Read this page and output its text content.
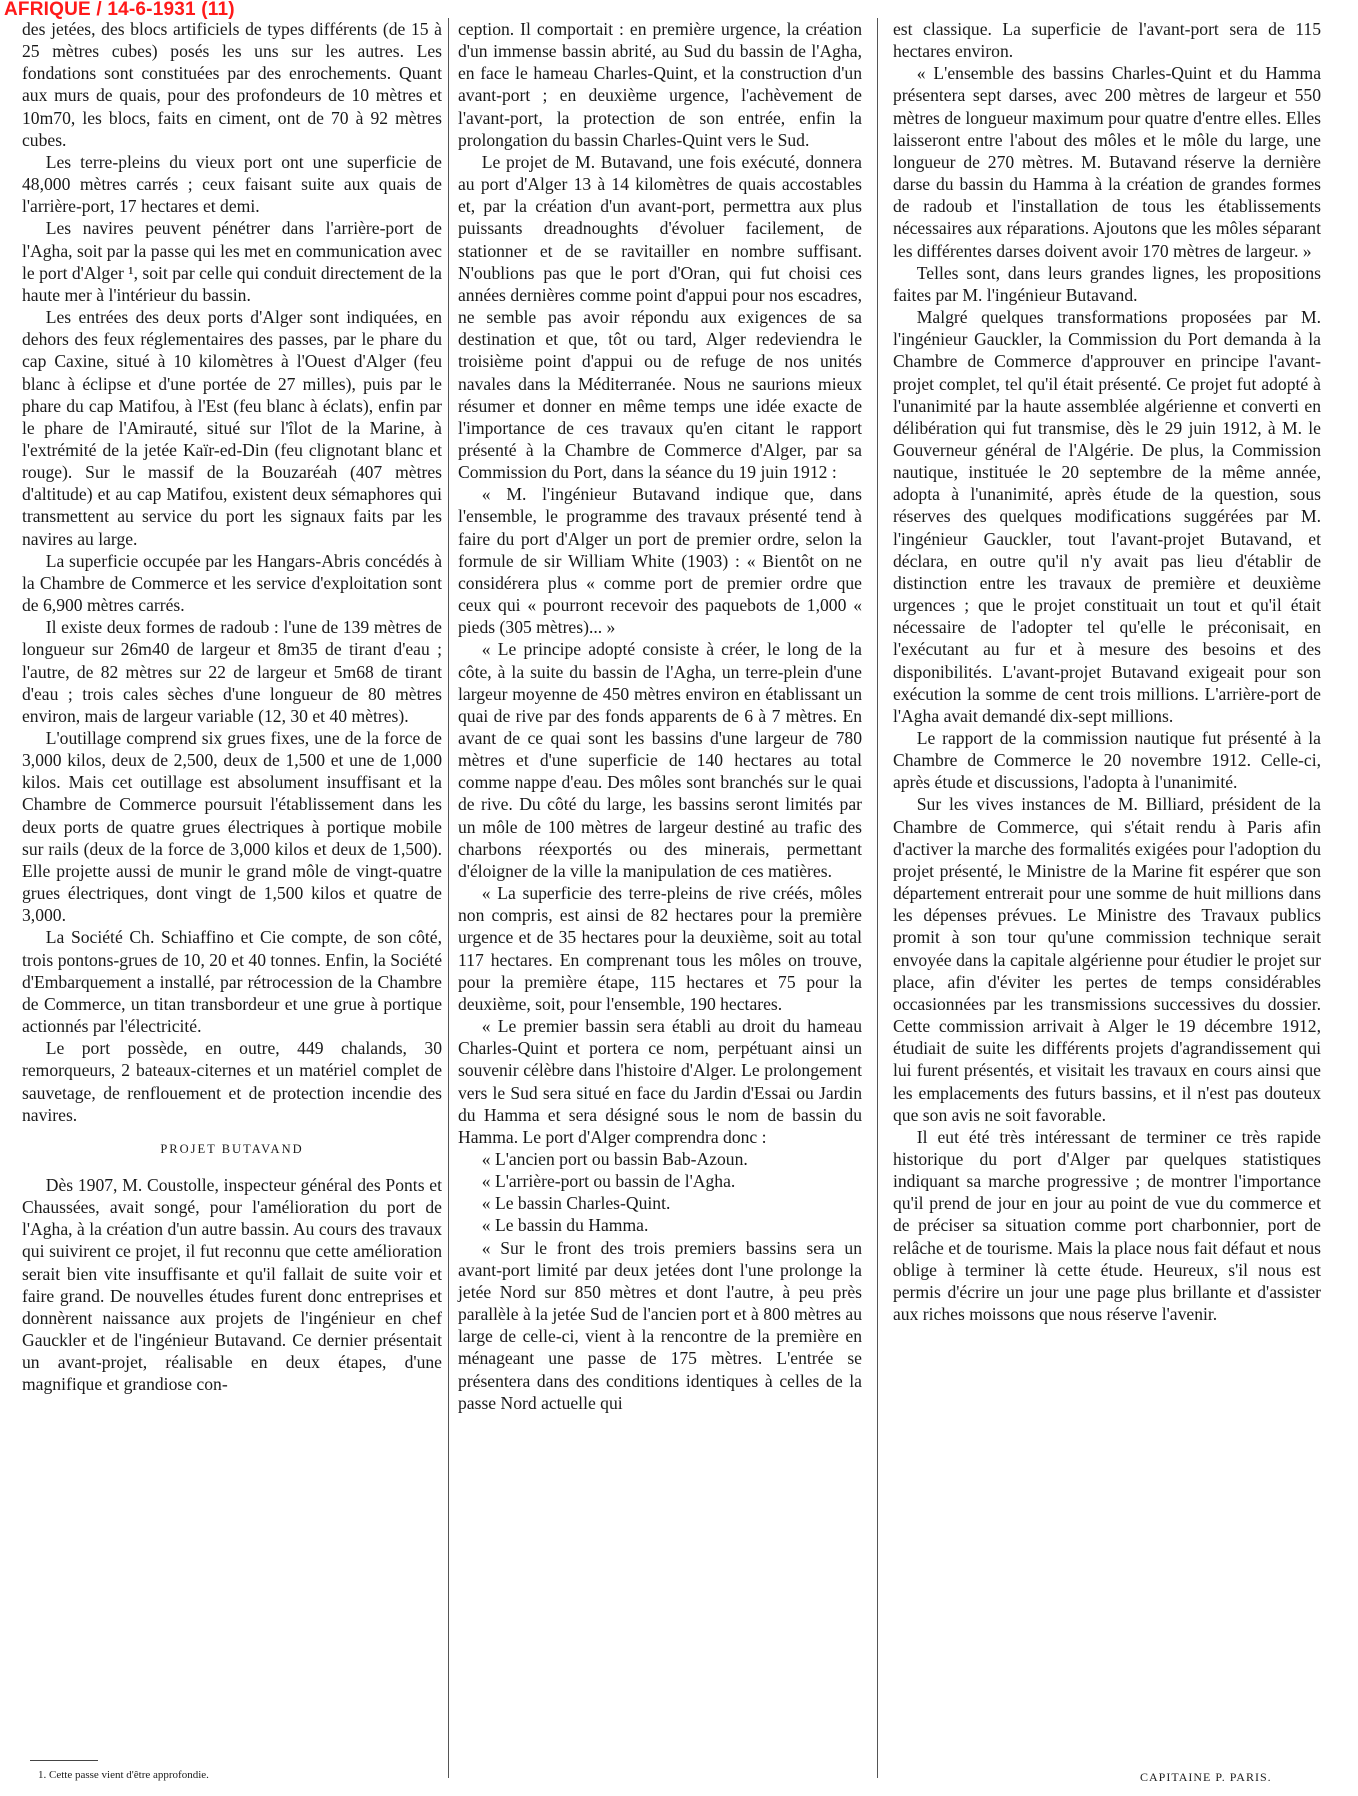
AFRIQUE / 14-6-1931 (11)

des jetées, des blocs artificiels de types différents (de 15 à 25 mètres cubes) posés les uns sur les autres. Les fondations sont constituées par des enrochements. Quant aux murs de quais, pour des profondeurs de 10 mètres et 10m70, les blocs, faits en ciment, ont de 70 à 92 mètres cubes.

Les terre-pleins du vieux port ont une superficie de 48,000 mètres carrés ; ceux faisant suite aux quais de l'arrière-port, 17 hectares et demi.

Les navires peuvent pénétrer dans l'arrière-port de l'Agha, soit par la passe qui les met en communication avec le port d'Alger ¹, soit par celle qui conduit directement de la haute mer à l'intérieur du bassin.

Les entrées des deux ports d'Alger sont indiquées, en dehors des feux réglementaires des passes, par le phare du cap Caxine, situé à 10 kilomètres à l'Ouest d'Alger (feu blanc à éclipse et d'une portée de 27 milles), puis par le phare du cap Matifou, à l'Est (feu blanc à éclats), enfin par le phare de l'Amirauté, situé sur l'îlot de la Marine, à l'extrémité de la jetée Kaïr-ed-Din (feu clignotant blanc et rouge). Sur le massif de la Bouzaréah (407 mètres d'altitude) et au cap Matifou, existent deux sémaphores qui transmettent au service du port les signaux faits par les navires au large.

La superficie occupée par les Hangars-Abris concédés à la Chambre de Commerce et les service d'exploitation sont de 6,900 mètres carrés.

Il existe deux formes de radoub : l'une de 139 mètres de longueur sur 26m40 de largeur et 8m35 de tirant d'eau ; l'autre, de 82 mètres sur 22 de largeur et 5m68 de tirant d'eau ; trois cales sèches d'une longueur de 80 mètres environ, mais de largeur variable (12, 30 et 40 mètres).

L'outillage comprend six grues fixes, une de la force de 3,000 kilos, deux de 2,500, deux de 1,500 et une de 1,000 kilos. Mais cet outillage est absolument insuffisant et la Chambre de Commerce poursuit l'établissement dans les deux ports de quatre grues électriques à portique mobile sur rails (deux de la force de 3,000 kilos et deux de 1,500). Elle projette aussi de munir le grand môle de vingt-quatre grues électriques, dont vingt de 1,500 kilos et quatre de 3,000.

La Société Ch. Schiaffino et Cie compte, de son côté, trois pontons-grues de 10, 20 et 40 tonnes. Enfin, la Société d'Embarquement a installé, par rétrocession de la Chambre de Commerce, un titan transbordeur et une grue à portique actionnés par l'électricité.

Le port possède, en outre, 449 chalands, 30 remorqueurs, 2 bateaux-citernes et un matériel complet de sauvetage, de renflouement et de protection incendie des navires.

PROJET BUTAVAND

Dès 1907, M. Coustolle, inspecteur général des Ponts et Chaussées, avait songé, pour l'amélioration du port de l'Agha, à la création d'un autre bassin. Au cours des travaux qui suivirent ce projet, il fut reconnu que cette amélioration serait bien vite insuffisante et qu'il fallait de suite voir et faire grand. De nouvelles études furent donc entreprises et donnèrent naissance aux projets de l'ingénieur en chef Gauckler et de l'ingénieur Butavand. Ce dernier présentait un avant-projet, réalisable en deux étapes, d'une magnifique et grandiose con-

ception. Il comportait : en première urgence, la création d'un immense bassin abrité, au Sud du bassin de l'Agha, en face le hameau Charles-Quint, et la construction d'un avant-port ; en deuxième urgence, l'achèvement de l'avant-port, la protection de son entrée, enfin la prolongation du bassin Charles-Quint vers le Sud.

Le projet de M. Butavand, une fois exécuté, donnera au port d'Alger 13 à 14 kilomètres de quais accostables et, par la création d'un avant-port, permettra aux plus puissants dreadnoughts d'évoluer facilement, de stationner et de se ravitailler en nombre suffisant. N'oublions pas que le port d'Oran, qui fut choisi ces années dernières comme point d'appui pour nos escadres, ne semble pas avoir répondu aux exigences de sa destination et que, tôt ou tard, Alger redeviendra le troisième point d'appui ou de refuge de nos unités navales dans la Méditerranée. Nous ne saurions mieux résumer et donner en même temps une idée exacte de l'importance de ces travaux qu'en citant le rapport présenté à la Chambre de Commerce d'Alger, par sa Commission du Port, dans la séance du 19 juin 1912 :

« M. l'ingénieur Butavand indique que, dans l'ensemble, le programme des travaux présenté tend à faire du port d'Alger un port de premier ordre, selon la formule de sir William White (1903) : « Bientôt on ne considérera plus « comme port de premier ordre que ceux qui « pourront recevoir des paquebots de 1,000 « pieds (305 mètres)... »

« Le principe adopté consiste à créer, le long de la côte, à la suite du bassin de l'Agha, un terre-plein d'une largeur moyenne de 450 mètres environ en établissant un quai de rive par des fonds apparents de 6 à 7 mètres. En avant de ce quai sont les bassins d'une largeur de 780 mètres et d'une superficie de 140 hectares au total comme nappe d'eau. Des môles sont branchés sur le quai de rive. Du côté du large, les bassins seront limités par un môle de 100 mètres de largeur destiné au trafic des charbons réexportés ou des minerais, permettant d'éloigner de la ville la manipulation de ces matières.

« La superficie des terre-pleins de rive créés, môles non compris, est ainsi de 82 hectares pour la première urgence et de 35 hectares pour la deuxième, soit au total 117 hectares. En comprenant tous les môles on trouve, pour la première étape, 115 hectares et 75 pour la deuxième, soit, pour l'ensemble, 190 hectares.

« Le premier bassin sera établi au droit du hameau Charles-Quint et portera ce nom, perpétuant ainsi un souvenir célèbre dans l'histoire d'Alger. Le prolongement vers le Sud sera situé en face du Jardin d'Essai ou Jardin du Hamma et sera désigné sous le nom de bassin du Hamma. Le port d'Alger comprendra donc :

« L'ancien port ou bassin Bab-Azoun.

« L'arrière-port ou bassin de l'Agha.

« Le bassin Charles-Quint.

« Le bassin du Hamma.

« Sur le front des trois premiers bassins sera un avant-port limité par deux jetées dont l'une prolonge la jetée Nord sur 850 mètres et dont l'autre, à peu près parallèle à la jetée Sud de l'ancien port et à 800 mètres au large de celle-ci, vient à la rencontre de la première en ménageant une passe de 175 mètres. L'entrée se présentera dans des conditions identiques à celles de la passe Nord actuelle qui

est classique. La superficie de l'avant-port sera de 115 hectares environ.

« L'ensemble des bassins Charles-Quint et du Hamma présentera sept darses, avec 200 mètres de largeur et 550 mètres de longueur maximum pour quatre d'entre elles. Elles laisseront entre l'about des môles et le môle du large, une longueur de 270 mètres. M. Butavand réserve la dernière darse du bassin du Hamma à la création de grandes formes de radoub et l'installation de tous les établissements nécessaires aux réparations. Ajoutons que les môles séparant les différentes darses doivent avoir 170 mètres de largeur. »

Telles sont, dans leurs grandes lignes, les propositions faites par M. l'ingénieur Butavand.

Malgré quelques transformations proposées par M. l'ingénieur Gauckler, la Commission du Port demanda à la Chambre de Commerce d'approuver en principe l'avant-projet complet, tel qu'il était présenté. Ce projet fut adopté à l'unanimité par la haute assemblée algérienne et converti en délibération qui fut transmise, dès le 29 juin 1912, à M. le Gouverneur général de l'Algérie. De plus, la Commission nautique, instituée le 20 septembre de la même année, adopta à l'unanimité, après étude de la question, sous réserves des quelques modifications suggérées par M. l'ingénieur Gauckler, tout l'avant-projet Butavand, et déclara, en outre qu'il n'y avait pas lieu d'établir de distinction entre les travaux de première et deuxième urgences ; que le projet constituait un tout et qu'il était nécessaire de l'adopter tel qu'elle le préconisait, en l'exécutant au fur et à mesure des besoins et des disponibilités. L'avant-projet Butavand exigeait pour son exécution la somme de cent trois millions. L'arrière-port de l'Agha avait demandé dix-sept millions.

Le rapport de la commission nautique fut présenté à la Chambre de Commerce le 20 novembre 1912. Celle-ci, après étude et discussions, l'adopta à l'unanimité.

Sur les vives instances de M. Billiard, président de la Chambre de Commerce, qui s'était rendu à Paris afin d'activer la marche des formalités exigées pour l'adoption du projet présenté, le Ministre de la Marine fit espérer que son département entrerait pour une somme de huit millions dans les dépenses prévues. Le Ministre des Travaux publics promit à son tour qu'une commission technique serait envoyée dans la capitale algérienne pour étudier le projet sur place, afin d'éviter les pertes de temps considérables occasionnées par les transmissions successives du dossier. Cette commission arrivait à Alger le 19 décembre 1912, étudiait de suite les différents projets d'agrandissement qui lui furent présentés, et visitait les travaux en cours ainsi que les emplacements des futurs bassins, et il n'est pas douteux que son avis ne soit favorable.

Il eut été très intéressant de terminer ce très rapide historique du port d'Alger par quelques statistiques indiquant sa marche progressive ; de montrer l'importance qu'il prend de jour en jour au point de vue du commerce et de préciser sa situation comme port charbonnier, port de relâche et de tourisme. Mais la place nous fait défaut et nous oblige à terminer là cette étude. Heureux, s'il nous est permis d'écrire un jour une page plus brillante et d'assister aux riches moissons que nous réserve l'avenir.

1. Cette passe vient d'être approfondie.	CAPITAINE P. PARIS.
